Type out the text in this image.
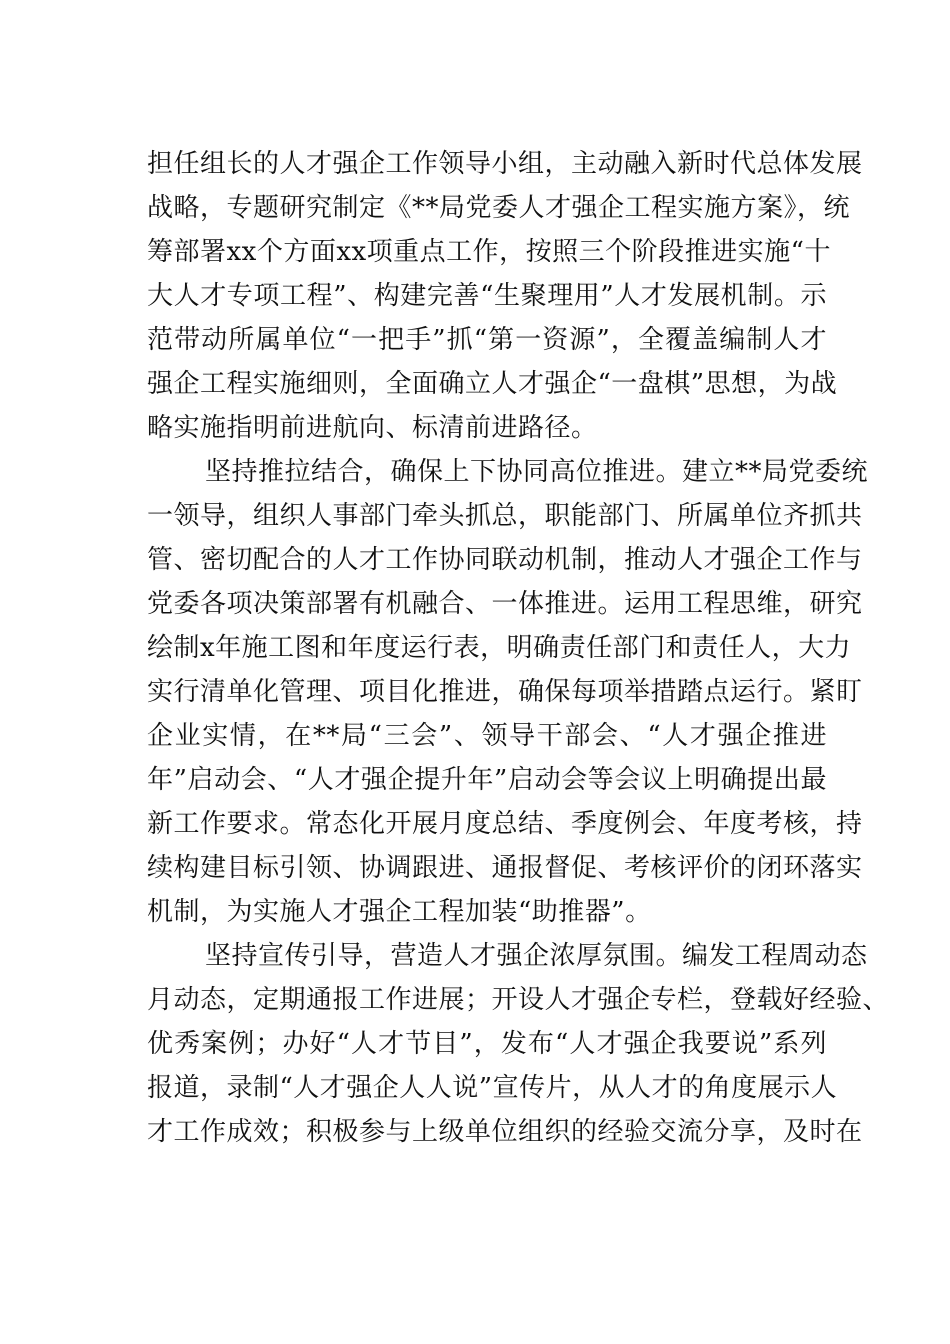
担任组长的人才强企工作领导小组，主动融入新时代总体发展
战略，专题研究制定《**局党委人才强企工程实施方案》，统
筹部署xx个方面xx项重点工作，按照三个阶段推进实施“十
大人才专项工程”、构建完善“生聚理用”人才发展机制。示
范带动所属单位“一把手”抓“第一资源”，全覆盖编制人才
强企工程实施细则，全面确立人才强企“一盘棋”思想，为战
略实施指明前进航向、标清前进路径。
坚持推拉结合，确保上下协同高位推进。建立**局党委统
一领导，组织人事部门牵头抓总，职能部门、所属单位齐抓共
管、密切配合的人才工作协同联动机制，推动人才强企工作与
党委各项决策部署有机融合、一体推进。运用工程思维，研究
绘制x年施工图和年度运行表，明确责任部门和责任人，大力
实行清单化管理、项目化推进，确保每项举措踏点运行。紧盯
企业实情，在**局“三会”、领导干部会、“人才强企推进
年”启动会、“人才强企提升年”启动会等会议上明确提出最
新工作要求。常态化开展月度总结、季度例会、年度考核，持
续构建目标引领、协调跟进、通报督促、考核评价的闭环落实
机制，为实施人才强企工程加装“助推器”。
坚持宣传引导，营造人才强企浓厚氛围。编发工程周动态
月动态，定期通报工作进展；开设人才强企专栏，登载好经验、
优秀案例；办好“人才节目”，发布“人才强企我要说”系列
报道，录制“人才强企人人说”宣传片，从人才的角度展示人
才工作成效；积极参与上级单位组织的经验交流分享，及时在
